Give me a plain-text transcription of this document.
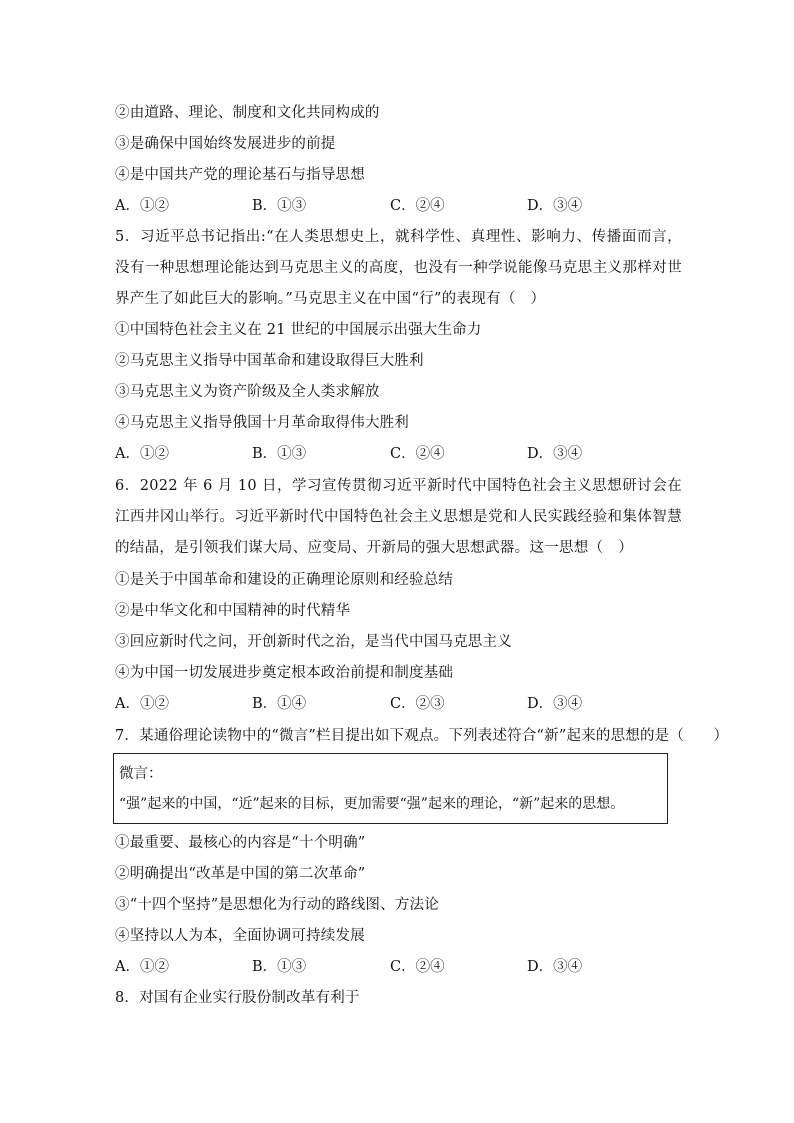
②由道路、理论、制度和文化共同构成的
③是确保中国始终发展进步的前提
④是中国共产党的理论基石与指导思想
A．①②	B．①③	C．②④	D．③④
5．习近平总书记指出:“在人类思想史上，就科学性、真理性、影响力、传播面而言，没有一种思想理论能达到马克思主义的高度，也没有一种学说能像马克思主义那样对世界产生了如此巨大的影响。”马克思主义在中国“行”的表现有（　）
①中国特色社会主义在 21 世纪的中国展示出强大生命力
②马克思主义指导中国革命和建设取得巨大胜利
③马克思主义为资产阶级及全人类求解放
④马克思主义指导俄国十月革命取得伟大胜利
A．①②	B．①③	C．②④	D．③④
6．2022 年 6 月 10 日，学习宣传贯彻习近平新时代中国特色社会主义思想研讨会在江西井冈山举行。习近平新时代中国特色社会主义思想是党和人民实践经验和集体智慧的结晶，是引领我们谋大局、应变局、开新局的强大思想武器。这一思想（　）
①是关于中国革命和建设的正确理论原则和经验总结
②是中华文化和中国精神的时代精华
③回应新时代之问，开创新时代之治，是当代中国马克思主义
④为中国一切发展进步奠定根本政治前提和制度基础
A．①②	B．①④	C．②③	D．③④
7．某通俗理论读物中的“微言”栏目提出如下观点。下列表述符合“新”起来的思想的是（　　）
微言：
“强”起来的中国，“近”起来的目标，更加需要“强”起来的理论，“新”起来的思想。
①最重要、最核心的内容是“十个明确”
②明确提出“改革是中国的第二次革命”
③“十四个坚持”是思想化为行动的路线图、方法论
④坚持以人为本，全面协调可持续发展
A．①②	B．①③	C．②④	D．③④
8．对国有企业实行股份制改革有利于
